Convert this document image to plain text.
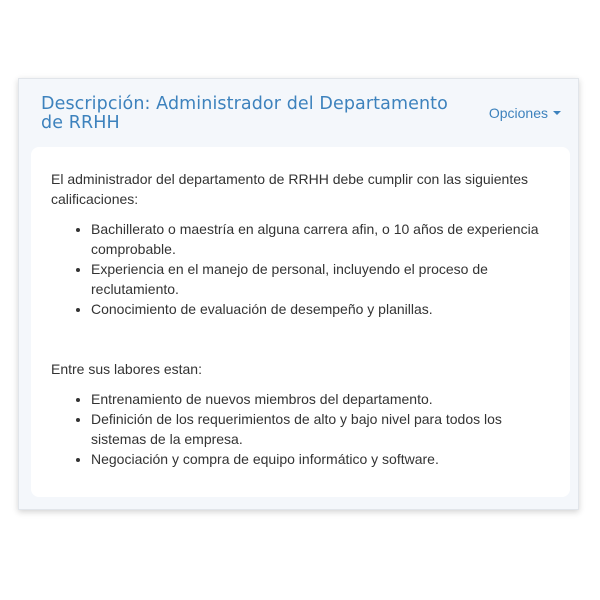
Descripción: Administrador del Departamento de RRHH	Opciones

El administrador del departamento de RRHH debe cumplir con las siguientes calificaciones:

• Bachillerato o maestría en alguna carrera afin, o 10 años de experiencia comprobable.
• Experiencia en el manejo de personal, incluyendo el proceso de reclutamiento.
• Conocimiento de evaluación de desempeño y planillas.

Entre sus labores estan:

• Entrenamiento de nuevos miembros del departamento.
• Definición de los requerimientos de alto y bajo nivel para todos los sistemas de la empresa.
• Negociación y compra de equipo informático y software.
